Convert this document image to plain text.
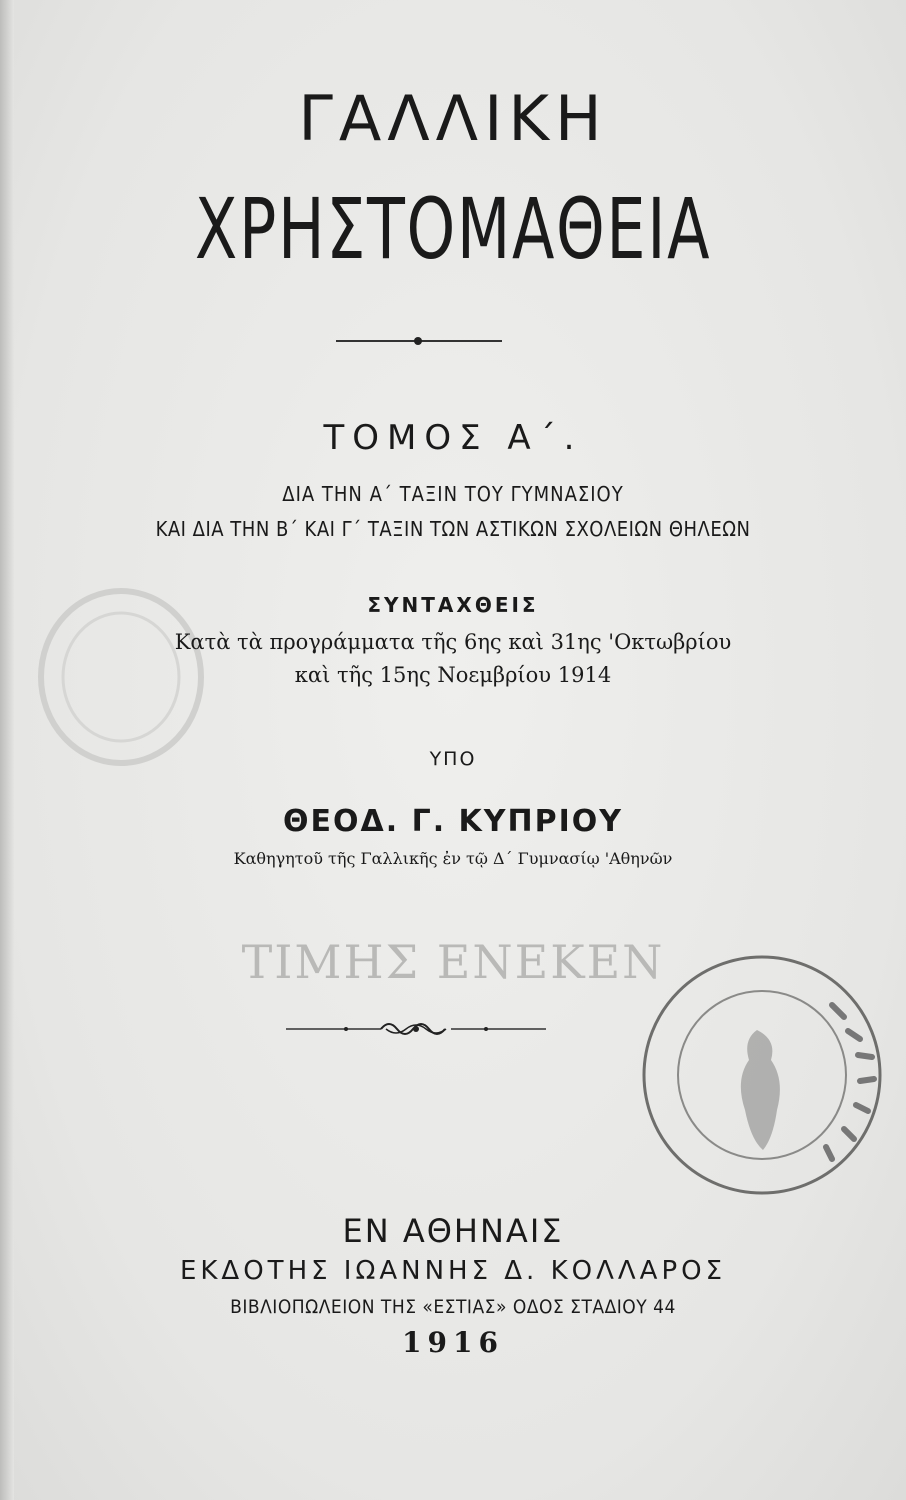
ΓΑΛΛΙΚΗ
ΧΡΗΣΤΟΜΑΘΕΙΑ
ΤΟΜΟΣ Α΄.
ΔΙΑ ΤΗΝ Α΄ ΤΑΞΙΝ ΤΟΥ ΓΥΜΝΑΣΙΟΥ
ΚΑΙ ΔΙΑ ΤΗΝ Β΄ ΚΑΙ Γ΄ ΤΑΞΙΝ ΤΩΝ ΑΣΤΙΚΩΝ ΣΧΟΛΕΙΩΝ ΘΗΛΕΩΝ
ΣΥΝΤΑΧΘΕΙΣ
Κατὰ τὰ προγράμματα τῆς 6ης καὶ 31ης 'Οκτωβρίου
καὶ τῆς 15ης Νοεμβρίου 1914
ΥΠΟ
ΘΕΟΔ. Γ. ΚΥΠΡΙΟΥ
Καθηγητοῦ τῆς Γαλλικῆς ἐν τῷ Δ΄ Γυμνασίῳ 'Αθηνῶν
ΤΙΜΗΣ ΕΝΕΚΕΝ
ΕΝ ΑΘΗΝΑΙΣ
ΕΚΔΟΤΗΣ ΙΩΑΝΝΗΣ Δ. ΚΟΛΛΑΡΟΣ
ΒΙΒΛΙΟΠΩΛΕΙΟΝ ΤΗΣ «ΕΣΤΙΑΣ» ΟΔΟΣ ΣΤΑΔΙΟΥ 44
1916
